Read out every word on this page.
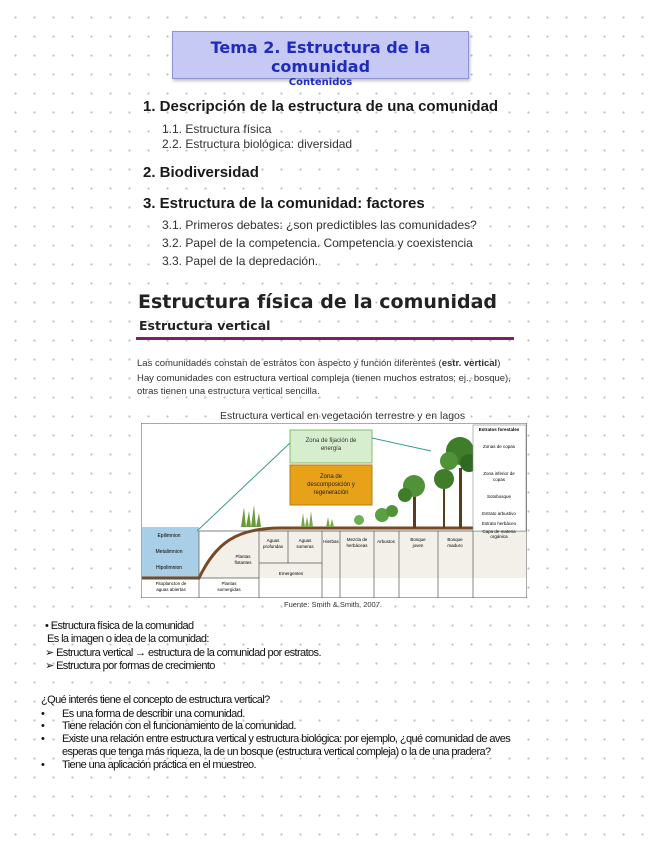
Tema 2. Estructura de la comunidad
Contenidos
1. Descripción de la estructura de una comunidad
1.1. Estructura física
2.2. Estructura biológica: diversidad
2. Biodiversidad
3. Estructura de la comunidad: factores
3.1. Primeros debates: ¿son predictibles las comunidades?
3.2. Papel de la competencia. Competencia y coexistencia
3.3. Papel de la depredación.
Estructura física de la comunidad
Estructura vertical
Las comunidades constan de estratos con aspecto y función diferentes (estr. vertical)
Hay comunidades con estructura vertical compleja (tienen muchos estratos; ej., bosque),
otras tienen una estructura vertical sencilla.
Estructura vertical en vegetación terrestre y en lagos
Zona de fijación de
energía
Zona de
descomposición y
regeneración
Estratos forestales
Zonas de copas
Zona inferior de
copas
Sotobosque
Estrato arbustivo
Estrato herbáceo
Capa de materia
orgánica
Epilimnion
Metalimnion
Hipolimnion
Fitoplancton de
aguas abiertas
Plantas
sumergidas
Plantas
flotantes
Aguas
profundas
Aguas
someras
Emergentes
Hierbas Mezcla de
herbáceas
Arbustos	Bosque
joven
Bosque
maduro
Fuente: Smith & Smith, 2007.
• Estructura física de la comunidad
Es la imagen o idea de la comunidad:
➢ Estructura vertical → estructura de la comunidad por estratos.
➢ Estructura por formas de crecimiento
¿Qué interés tiene el concepto de estructura vertical?
• Es una forma de describir una comunidad.
• Tiene relación con el funcionamiento de la comunidad.
• Existe una relación entre estructura vertical y estructura biológica: por ejemplo, ¿qué comunidad de aves
esperas que tenga más riqueza, la de un bosque (estructura vertical compleja) o la de una pradera?
• Tiene una aplicación práctica en el muestreo.
